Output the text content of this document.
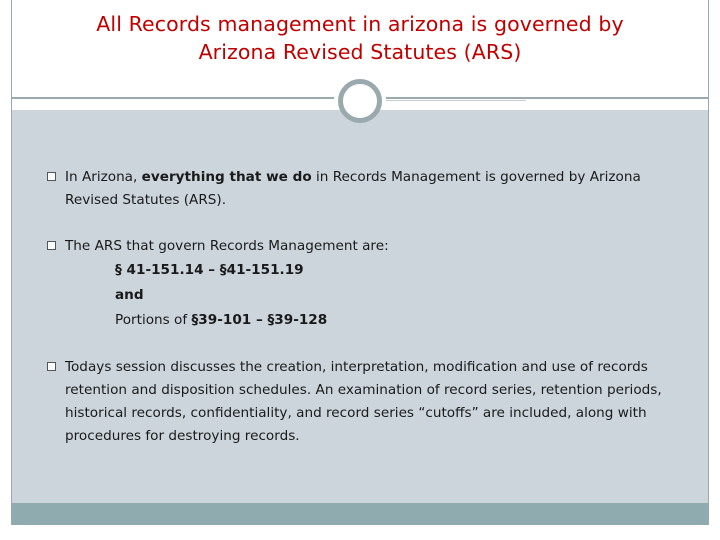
All Records management in arizona is governed by
Arizona Revised Statutes (ARS)
In Arizona, everything that we do in Records Management is governed by Arizona Revised Statutes (ARS).
The ARS that govern Records Management are:
§ 41-151.14 – §41-151.19
and
Portions of §39-101 – §39-128
Todays session discusses the creation, interpretation, modification and use of records retention and disposition schedules. An examination of record series, retention periods, historical records, confidentiality, and record series “cutoffs” are included, along with procedures for destroying records.
